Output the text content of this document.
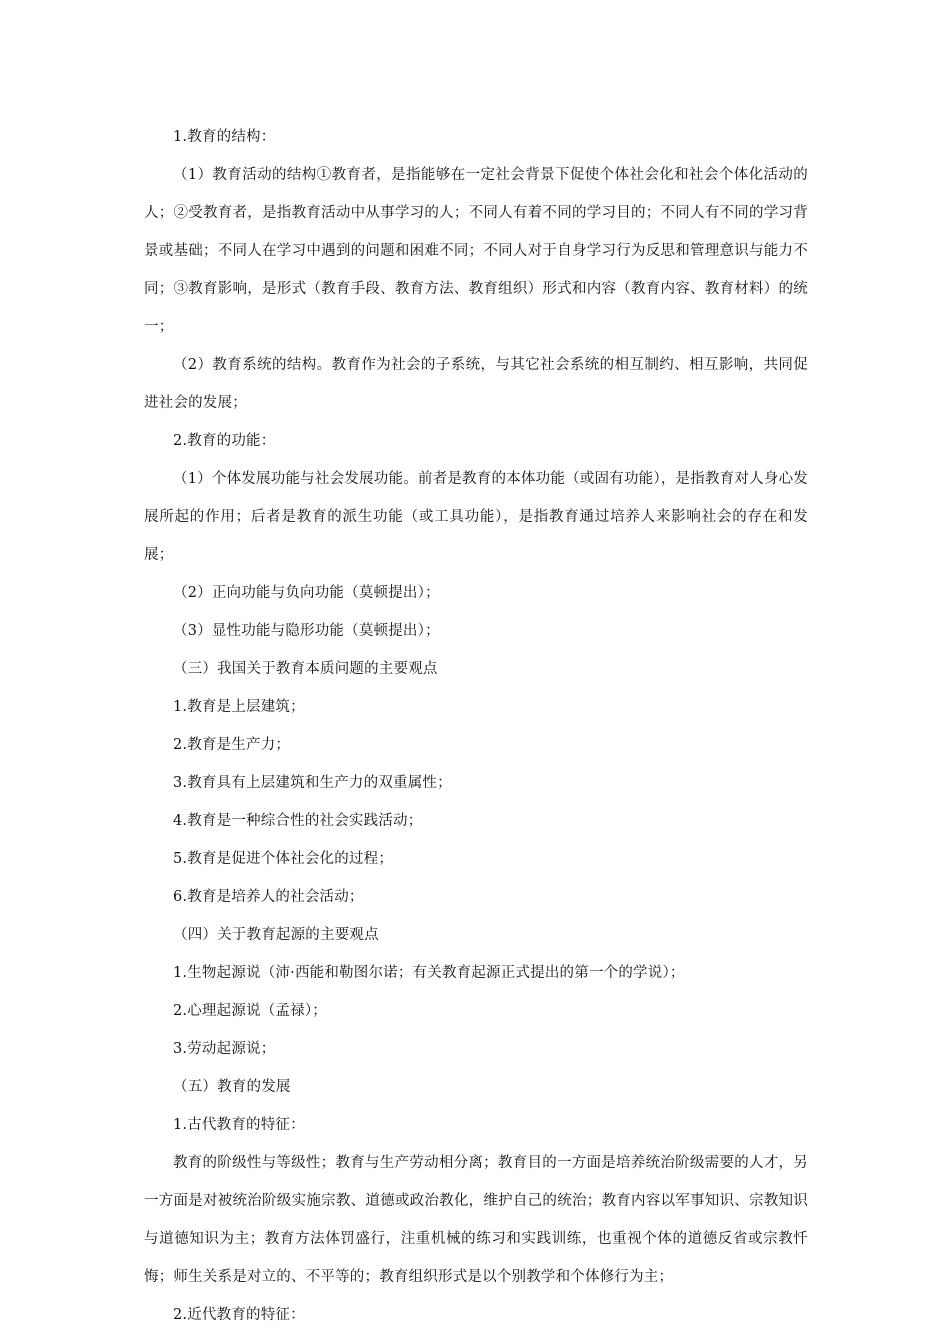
1.教育的结构：

（1）教育活动的结构①教育者，是指能够在一定社会背景下促使个体社会化和社会个体化活动的人；②受教育者，是指教育活动中从事学习的人；不同人有着不同的学习目的；不同人有不同的学习背景或基础；不同人在学习中遇到的问题和困难不同；不同人对于自身学习行为反思和管理意识与能力不同；③教育影响，是形式（教育手段、教育方法、教育组织）形式和内容（教育内容、教育材料）的统一；

（2）教育系统的结构。教育作为社会的子系统，与其它社会系统的相互制约、相互影响，共同促进社会的发展；

2.教育的功能：

（1）个体发展功能与社会发展功能。前者是教育的本体功能（或固有功能），是指教育对人身心发展所起的作用；后者是教育的派生功能（或工具功能），是指教育通过培养人来影响社会的存在和发展；

（2）正向功能与负向功能（莫顿提出）；

（3）显性功能与隐形功能（莫顿提出）；

（三）我国关于教育本质问题的主要观点

1.教育是上层建筑；

2.教育是生产力；

3.教育具有上层建筑和生产力的双重属性；

4.教育是一种综合性的社会实践活动；

5.教育是促进个体社会化的过程；

6.教育是培养人的社会活动；

（四）关于教育起源的主要观点

1.生物起源说（沛·西能和勒图尔诺；有关教育起源正式提出的第一个的学说）；

2.心理起源说（孟禄）；

3.劳动起源说；

（五）教育的发展

1.古代教育的特征：

教育的阶级性与等级性；教育与生产劳动相分离；教育目的一方面是培养统治阶级需要的人才，另一方面是对被统治阶级实施宗教、道德或政治教化，维护自己的统治；教育内容以军事知识、宗教知识与道德知识为主；教育方法体罚盛行，注重机械的练习和实践训练，也重视个体的道德反省或宗教忏悔；师生关系是对立的、不平等的；教育组织形式是以个别教学和个体修行为主；

2.近代教育的特征：
